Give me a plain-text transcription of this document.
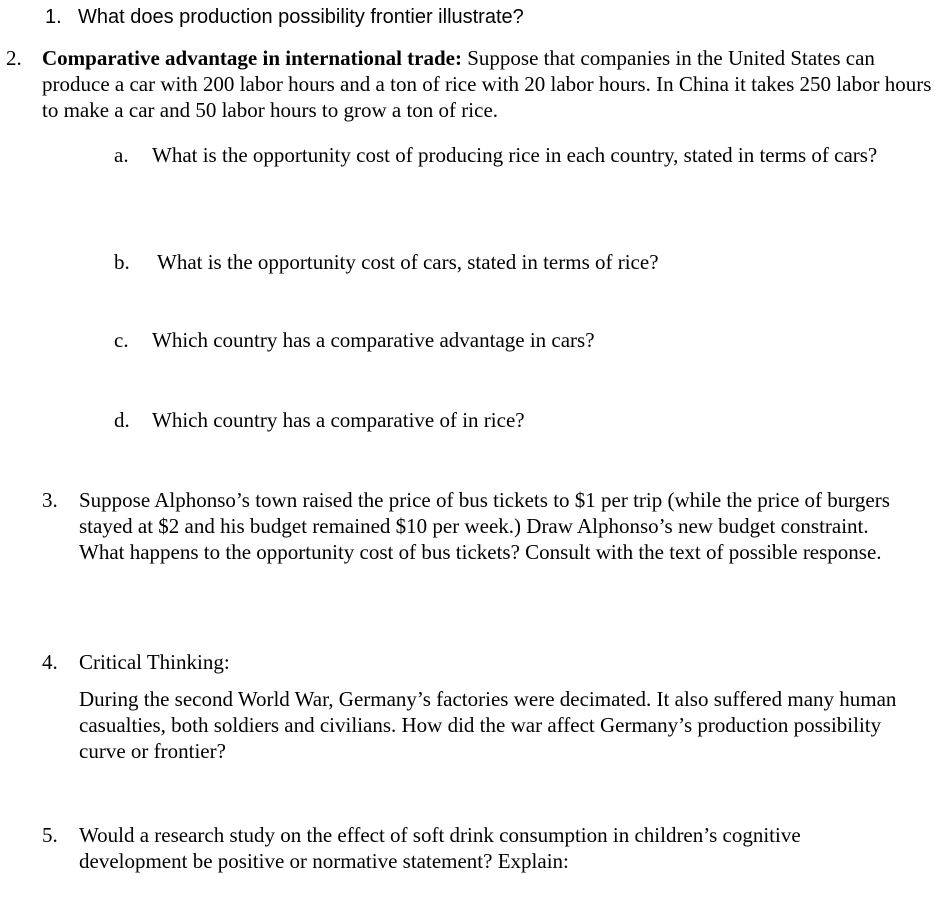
1. What does production possibility frontier illustrate?
2. Comparative advantage in international trade: Suppose that companies in the United States can produce a car with 200 labor hours and a ton of rice with 20 labor hours. In China it takes 250 labor hours to make a car and 50 labor hours to grow a ton of rice.
a.	What is the opportunity cost of producing rice in each country, stated in terms of cars?
b.	What is the opportunity cost of cars, stated in terms of rice?
c.	Which country has a comparative advantage in cars?
d.	Which country has a comparative of in rice?
3.	Suppose Alphonso’s town raised the price of bus tickets to $1 per trip (while the price of burgers stayed at $2 and his budget remained $10 per week.) Draw Alphonso’s new budget constraint. What happens to the opportunity cost of bus tickets? Consult with the text of possible response.
4.	Critical Thinking:
During the second World War, Germany’s factories were decimated. It also suffered many human casualties, both soldiers and civilians. How did the war affect Germany’s production possibility curve or frontier?
5.	Would a research study on the effect of soft drink consumption in children’s cognitive development be positive or normative statement? Explain:
